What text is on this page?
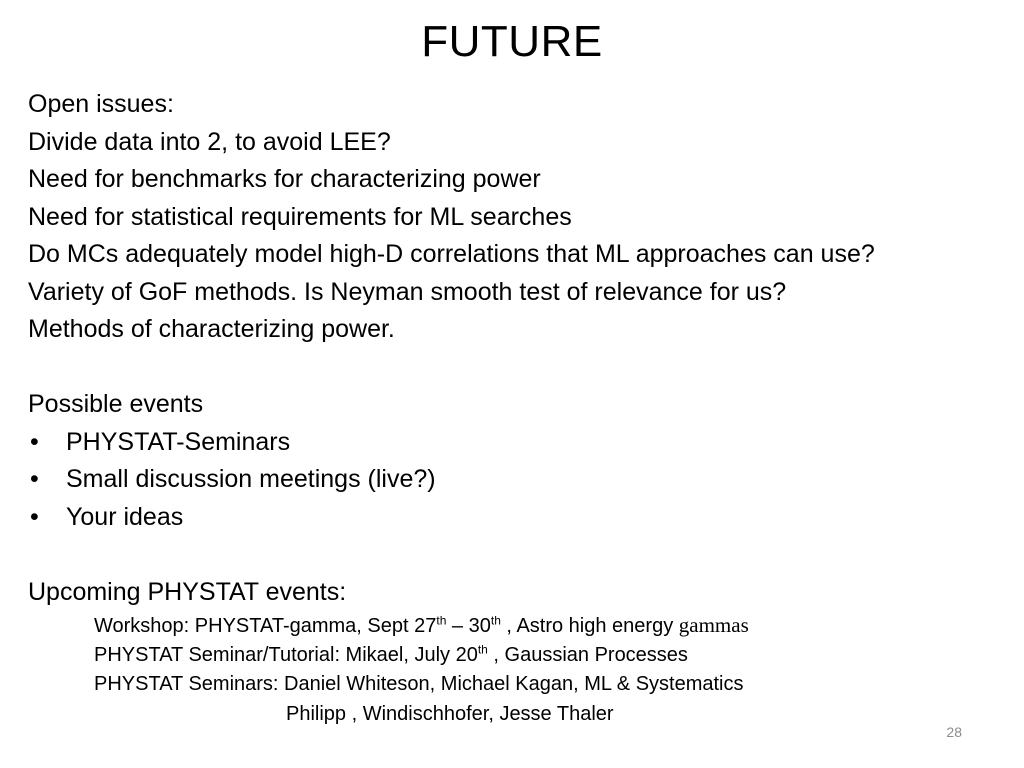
FUTURE
Open issues:
Divide data into 2, to avoid LEE?
Need for benchmarks for characterizing power
Need for statistical requirements for ML searches
Do MCs adequately model high-D correlations that ML approaches can use?
Variety of GoF methods. Is Neyman smooth test of relevance for us?
Methods of characterizing power.
Possible events
•	PHYSTAT-Seminars
•	Small discussion meetings (live?)
•	Your ideas
Upcoming PHYSTAT events:
Workshop: PHYSTAT-gamma, Sept 27th – 30th , Astro high energy gammas
PHYSTAT Seminar/Tutorial: Mikael, July 20th , Gaussian Processes
PHYSTAT Seminars: Daniel Whiteson, Michael Kagan, ML & Systematics
Philipp , Windischhofer, Jesse Thaler
28
